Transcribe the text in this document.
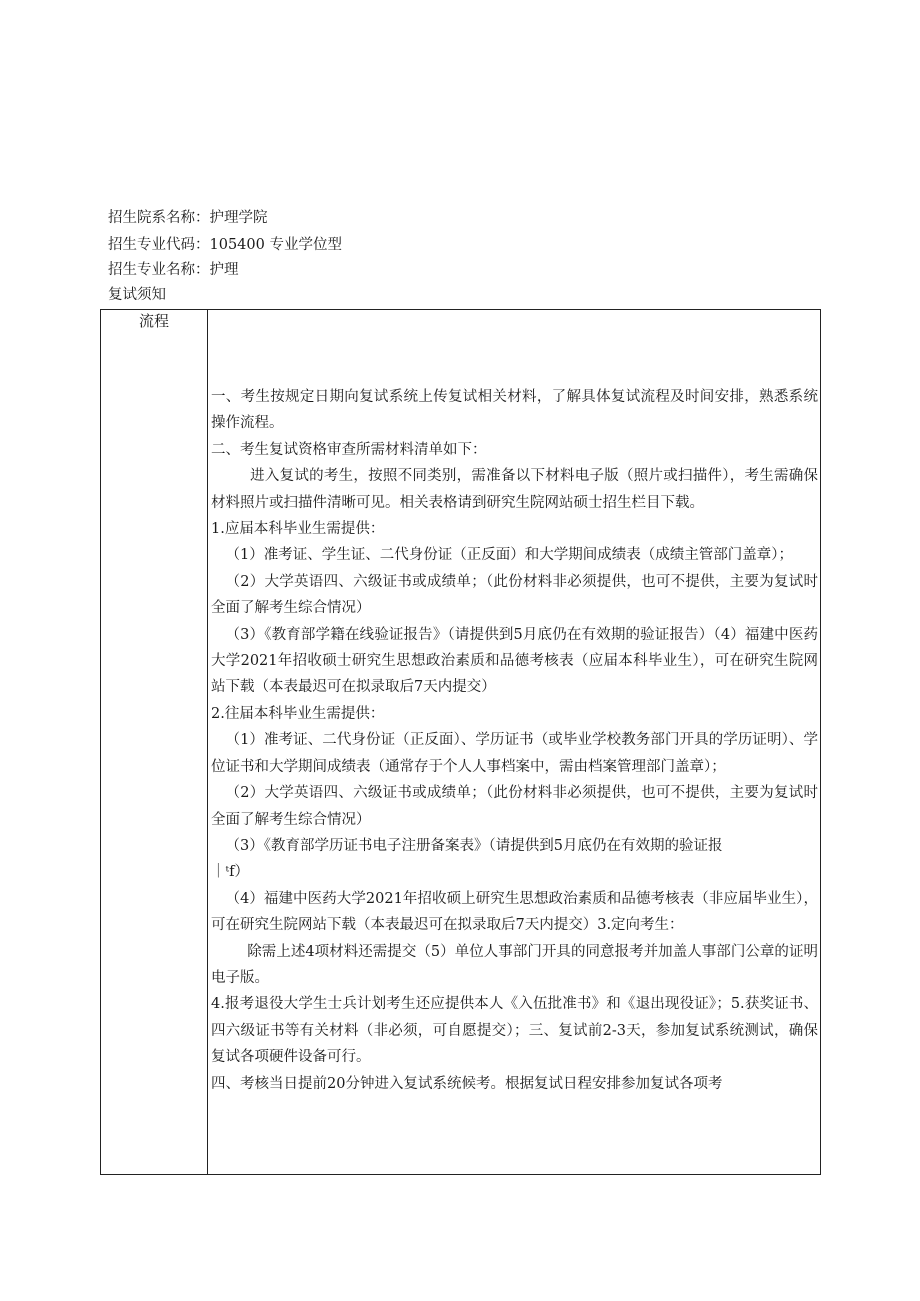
招生院系名称：护理学院
招生专业代码：105400 专业学位型
招生专业名称：护理
复试须知
流程	

一、考生按规定日期向复试系统上传复试相关材料，了解具体复试流程及时间安排，熟悉系统操作流程。

二、考生复试资格审查所需材料清单如下：

进入复试的考生，按照不同类别，需准备以下材料电子版（照片或扫描件），考生需确保材料照片或扫描件清晰可见。相关表格请到研究生院网站硕士招生栏目下载。

1.应届本科毕业生需提供：

（1）准考证、学生证、二代身份证（正反面）和大学期间成绩表（成绩主管部门盖章）；

（2）大学英语四、六级证书或成绩单；（此份材料非必须提供，也可不提供，主要为复试时全面了解考生综合情况）

（3）《教育部学籍在线验证报告》（请提供到5月底仍在有效期的验证报告）（4）福建中医药大学2021年招收硕士研究生思想政治素质和品德考核表（应届本科毕业生），可在研究生院网站下载（本表最迟可在拟录取后7天内提交）

2.往届本科毕业生需提供：

（1）准考证、二代身份证（正反面）、学历证书（或毕业学校教务部门开具的学历证明）、学位证书和大学期间成绩表（通常存于个人人事档案中，需由档案管理部门盖章）；

（2）大学英语四、六级证书或成绩单；（此份材料非必须提供，也可不提供，主要为复试时全面了解考生综合情况）

（3）《教育部学历证书电子注册备案表》（请提供到5月底仍在有效期的验证报

｜ᵗf）

（4）福建中医药大学2021年招收硕上研究生思想政治素质和品德考核表（非应届毕业生），可在研究生院网站下载（本表最迟可在拟录取后7天内提交）3.定向考生：

除需上述4项材料还需提交（5）单位人事部门开具的同意报考并加盖人事部门公章的证明电子版。

4.报考退役大学生士兵计划考生还应提供本人《入伍批准书》和《退出现役证》；5.获奖证书、四六级证书等有关材料（非必须，可自愿提交）；三、复试前2-3天，参加复试系统测试，确保复试各项硬件设备可行。

四、考核当日提前20分钟进入复试系统候考。根据复试日程安排参加复试各项考
